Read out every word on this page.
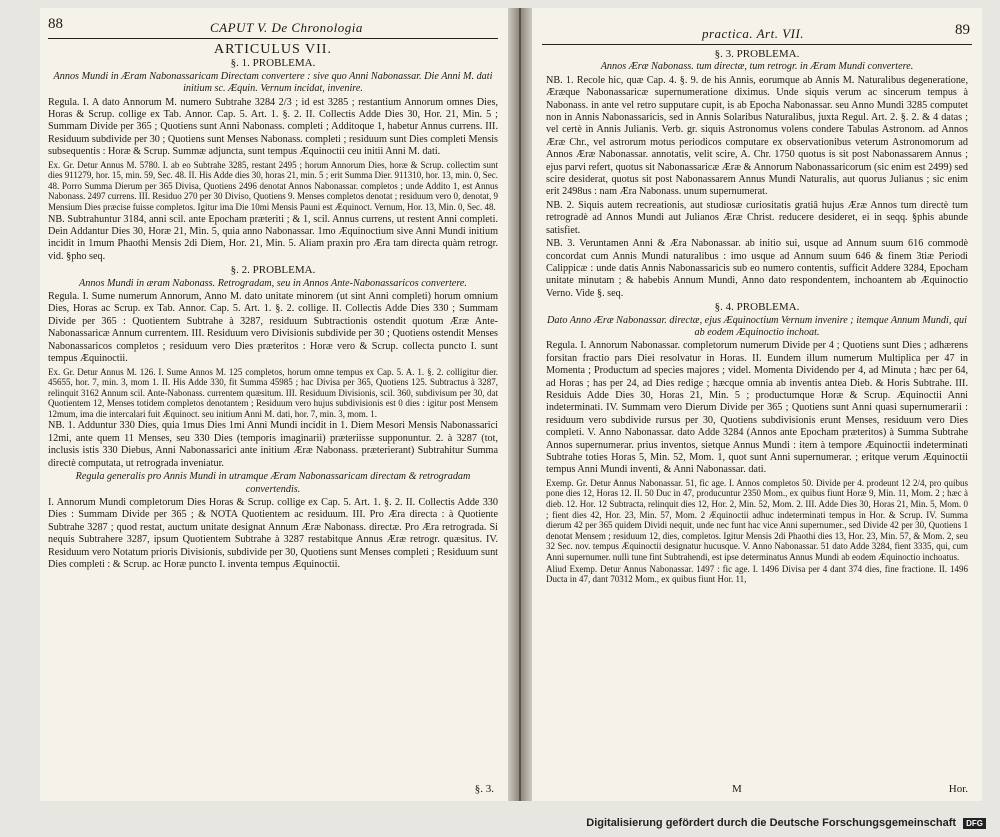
88	CAPUT V. De Chronologia

ARTICULUS VII.

§. 1. PROBLEMA.

Annos Mundi in Æram Nabonassaricam Directam convertere : sive quo Anni Nabonassar. Die Anni M. dati initium sc. Æquin. Vernum incidat, invenire.

Regula. I. A dato Annorum M. numero Subtrahe 3284 2/3 ; id est 3285 ; restantium Annorum omnes Dies, Horas & Scrup. collige ex Tab. Annor. Cap. 5. Art. 1. §. 2. II. Collectis Adde Dies 30, Hor. 21, Min. 5 ; Summam Divide per 365 ; Quotiens sunt Anni Nabonass. completi ; Additoque 1, habetur Annus currens. III. Residuum subdivide per 30 ; Quotiens sunt Menses Nabonass. completi ; residuum sunt Dies completi Mensis subsequentis : Horæ & Scrup. Summæ adjuncta, sunt tempus Æquinoctii ceu initii Anni M. dati.

Ex. Gr. Detur Annus M. 5780. I. ab eo Subtrahe 3285, restant 2495 ; horum Annorum Dies, horæ & Scrup. collectim sunt dies 911279, hor. 15, min. 59, Sec. 48. II. His Adde dies 30, horas 21, min. 5 ; erit Summa Dier. 911310, hor. 13, min. 0, Sec. 48. Porro Summa Dierum per 365 Divisa, Quotiens 2496 denotat Annos Nabonassar. completos ; unde Addito 1, est Annus Nabonass. 2497 currens. III. Residuo 270 per 30 Diviso, Quotiens 9. Menses completos denotat ; residuum vero 0, denotat, 9 Mensium Dies præcise fuisse completos. Igitur ima Die 10mi Mensis Pauni est Æquinoct. Vernum, Hor. 13, Min. 0, Sec. 48.

NB. Subtrahuntur 3184, anni scil. ante Epocham præteriti ; & 1, scil. Annus currens, ut restent Anni completi. Dein Addantur Dies 30, Horæ 21, Min. 5, quia anno Nabonassar. 1mo Æquinoctium sive Anni Mundi initium incidit in 1mum Phaothi Mensis 2di Diem, Hor. 21, Min. 5. Aliam praxin pro Æra tam directa quàm retrogr. vid. §pho seq.

§. 2. PROBLEMA.

Annos Mundi in æram Nabonass. Retrogradam, seu in Annos Ante-Nabonassaricos convertere.

Regula. I. Sume numerum Annorum, Anno M. dato unitate minorem (ut sint Anni completi) horum omnium Dies, Horas ac Scrup. ex Tab. Annor. Cap. 5. Art. 1. §. 2. collige. II. Collectis Adde Dies 330 ; Summam Divide per 365 : Quotientem Subtrahe à 3287, residuum Subtractionis ostendit quotum Æræ Ante-Nabonassaricæ Annum currentem. III. Residuum vero Divisionis subdivide per 30 ; Quotiens ostendit Menses Nabonassaricos completos ; residuum vero Dies præteritos : Horæ vero & Scrup. collecta puncto I. sunt tempus Æquinoctii.

Ex. Gr. Detur Annus M. 126. I. Sume Annos M. 125 completos, horum omne tempus ex Cap. 5. A. 1. §. 2. colligitur dier. 45655, hor. 7, min. 3, mom 1. II. His Adde 330, fit Summa 45985 ; hac Divisa per 365, Quotiens 125. Subtractus à 3287, relinquit 3162 Annum scil. Ante-Nabonass. currentem quæsitum. III. Residuum Divisionis, scil. 360, subdivisum per 30, dat Quotientem 12, Menses totidem completos denotantem ; Residuum vero hujus subdivisionis est 0 dies : igitur post Mensem 12mum, ima die intercalari fuit Æquinoct. seu initium Anni M. dati, hor. 7, min. 3, mom. 1.

NB. 1. Adduntur 330 Dies, quia 1mus Dies 1mi Anni Mundi incidit in 1. Diem Mesori Mensis Nabonassarici 12mi, ante quem 11 Menses, seu 330 Dies (temporis imaginarii) præteriisse supponuntur. 2. à 3287 (tot, inclusis istis 330 Diebus, Anni Nabonassarici ante initium Æræ Nabonass. præterierant) Subtrahitur Summa directè computata, ut retrograda inveniatur.

Regula generalis pro Annis Mundi in utramque Æram Nabonassaricam directam & retrogradam convertendis.

I. Annorum Mundi completorum Dies Horas & Scrup. collige ex Cap. 5. Art. 1. §. 2. II. Collectis Adde 330 Dies : Summam Divide per 365 ; & NOTA Quotientem ac residuum. III. Pro Æra directa : à Quotiente Subtrahe 3287 ; quod restat, auctum unitate designat Annum Æræ Nabonass. directæ. Pro Æra retrograda. Si nequis Subtrahere 3287, ipsum Quotientem Subtrahe à 3287 restabitque Annus Æræ retrogr. quæsitus. IV. Residuum vero Notatum prioris Divisionis, subdivide per 30, Quotiens sunt Menses completi ; Residuum sunt Dies completi : & Scrup. ac Horæ puncto I. inventa tempus Æquinoctii.

§. 3.
practica. Art. VII.	89

§. 3. PROBLEMA.

Annos Æræ Nabonass. tum directæ, tum retrogr. in Æram Mundi convertere.

NB. 1. Recole hic, quæ Cap. 4. §. 9. de his Annis, eorumque ab Annis M. Naturalibus degeneratione, Æræque Nabonassaricæ supernumeratione diximus. Unde siquis verum ac sincerum tempus à Nabonass. in ante vel retro supputare cupit, is ab Epocha Nabonassar. seu Anno Mundi 3285 computet non in Annis Nabonassaricis, sed in Annis Solaribus Naturalibus, juxta Regul. Art. 2. §. 2. & 4 datas ; vel certè in Annis Julianis. Verb. gr. siquis Astronomus volens condere Tabulas Astronom. ad Annos Æræ Chr., vel astrorum motus periodicos computare ex observationibus veterum Astronomorum ad Annos Æræ Nabonassar. annotatis, velit scire, A. Chr. 1750 quotus is sit post Nabonassarem Annus ; ejus parvi refert, quotus sit Nabonassaricæ Æræ & Annorum Nabonassaricorum (sic enim est 2499) sed scire desiderat, quotus sit post Nabonassarem Annus Mundi Naturalis, aut quorus Julianus ; sic enim erit 2498us : nam Æra Nabonass. unum supernumerat.

NB. 2. Siquis autem recreationis, aut studiosæ curiositatis gratiâ hujus Æræ Annos tum directè tum retrogradè ad Annos Mundi aut Julianos Æræ Christ. reducere desideret, ei in seqq. §phis abunde satisfiet.

NB. 3. Veruntamen Anni & Æra Nabonassar. ab initio sui, usque ad Annum suum 616 commodè concordat cum Annis Mundi naturalibus : imo usque ad Annum suum 646 & finem 3tiæ Periodi Calippicæ : unde datis Annis Nabonassaricis sub eo numero contentis, sufficit Addere 3284, Epocham unitate minutam ; & habebis Annum Mundi, Anno dato respondentem, inchoantem ab Æquinoctio Verno. Vide §. seq.

§. 4. PROBLEMA.

Dato Anno Æræ Nabonassar. directæ, ejus Æquinoctium Vernum invenire ; itemque Annum Mundi, qui ab eodem Æquinoctio inchoat.

Regula. I. Annorum Nabonassar. completorum numerum Divide per 4 ; Quotiens sunt Dies ; adhærens forsitan fractio pars Diei resolvatur in Horas. II. Eundem illum numerum Multiplica per 47 in Momenta ; Productum ad species majores ; videl. Momenta Dividendo per 4, ad Minuta ; hæc per 64, ad Horas ; has per 24, ad Dies redige ; hæcque omnia ab inventis antea Dieb. & Horis Subtrahe. III. Residuis Adde Dies 30, Horas 21, Min. 5 ; productumque Horæ & Scrup. Æquinoctii Anni indeterminati. IV. Summam vero Dierum Divide per 365 ; Quotiens sunt Anni quasi supernumerarii : residuum vero subdivide rursus per 30, Quotiens subdivisionis erunt Menses, residuum vero Dies completi. V. Anno Nabonassar. dato Adde 3284 (Annos ante Epocham præteritos) à Summa Subtrahe Annos supernumerar. prius inventos, sietque Annus Mundi : item à tempore Æquinoctii indeterminati Subtrahe toties Horas 5, Min. 52, Mom. 1, quot sunt Anni supernumerar. ; eritque verum Æquinoctii tempus Anni Mundi inventi, & Anni Nabonassar. dati.

Exemp. Gr. Detur Annus Nabonassar. 51, fic age. I. Annos completos 50. Divide per 4. prodeunt 12 2/4, pro quibus pone dies 12, Horas 12. II. 50 Duc in 47, producuntur 2350 Mom., ex quibus fiunt Horæ 9, Min. 11, Mom. 2 ; hæc à dieb. 12. Hor. 12 Subtracta, relinquit dies 12, Hor. 2, Min. 52, Mom. 2. III. Adde Dies 30, Horas 21, Min. 5, Mom. 0 ; fient dies 42, Hor. 23, Min. 57, Mom. 2 Æquinoctii adhuc indeterminati tempus in Hor. & Scrup. IV. Summa dierum 42 per 365 quidem Dividi nequit, unde nec funt hac vice Anni supernumer., sed Divide 42 per 30, Quotiens 1 denotat Mensem ; residuum 12, dies, completos. Igitur Mensis 2di Phaothi dies 13, Hor. 23, Min. 57, & Mom. 2, seu 32 Sec. nov. tempus Æquinoctii designatur hucusque. V. Anno Nabonassar. 51 dato Adde 3284, fient 3335, qui, cum Anni supernumer. nulli tune fint Subtrahendi, est ipse determinatus Annus Mundi ab eodem Æquinoctio inchoatus.

Aliud Exemp. Detur Annus Nabonassar. 1497 : fic age. I. 1496 Divisa per 4 dant 374 dies, fine fractione. II. 1496 Ducta in 47, dant 70312 Mom., ex quibus fiunt Hor. 11,

M	Hor.
Digitalisierung gefördert durch die Deutsche Forschungsgemeinschaft DFG
